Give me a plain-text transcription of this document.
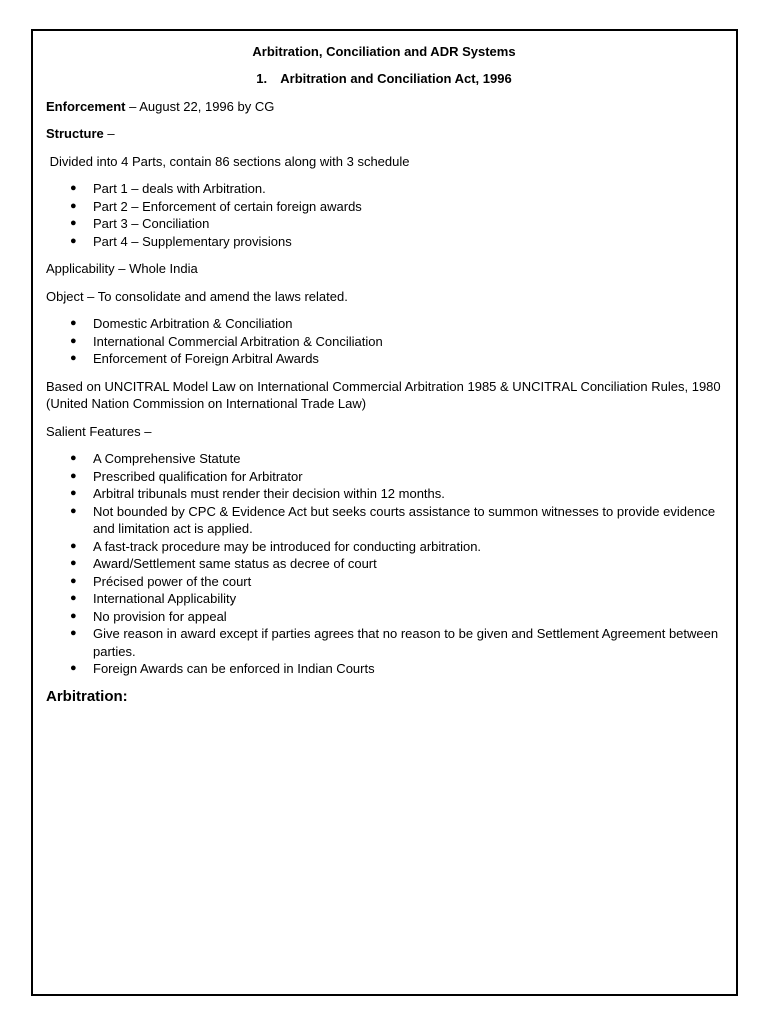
Arbitration, Conciliation and ADR Systems

1. Arbitration and Conciliation Act, 1996

Enforcement – August 22, 1996 by CG

Structure –

Divided into 4 Parts, contain 86 sections along with 3 schedule

● Part 1 – deals with Arbitration.
● Part 2 – Enforcement of certain foreign awards
● Part 3 – Conciliation
● Part 4 – Supplementary provisions

Applicability – Whole India

Object – To consolidate and amend the laws related.

● Domestic Arbitration & Conciliation
● International Commercial Arbitration & Conciliation
● Enforcement of Foreign Arbitral Awards

Based on UNCITRAL Model Law on International Commercial Arbitration 1985 & UNCITRAL Conciliation Rules, 1980 (United Nation Commission on International Trade Law)

Salient Features –

● A Comprehensive Statute
● Prescribed qualification for Arbitrator
● Arbitral tribunals must render their decision within 12 months.
● Not bounded by CPC & Evidence Act but seeks courts assistance to summon witnesses to provide evidence and limitation act is applied.
● A fast-track procedure may be introduced for conducting arbitration.
● Award/Settlement same status as decree of court
● Précised power of the court
● International Applicability
● No provision for appeal
● Give reason in award except if parties agrees that no reason to be given and Settlement Agreement between parties.
● Foreign Awards can be enforced in Indian Courts

Arbitration:
